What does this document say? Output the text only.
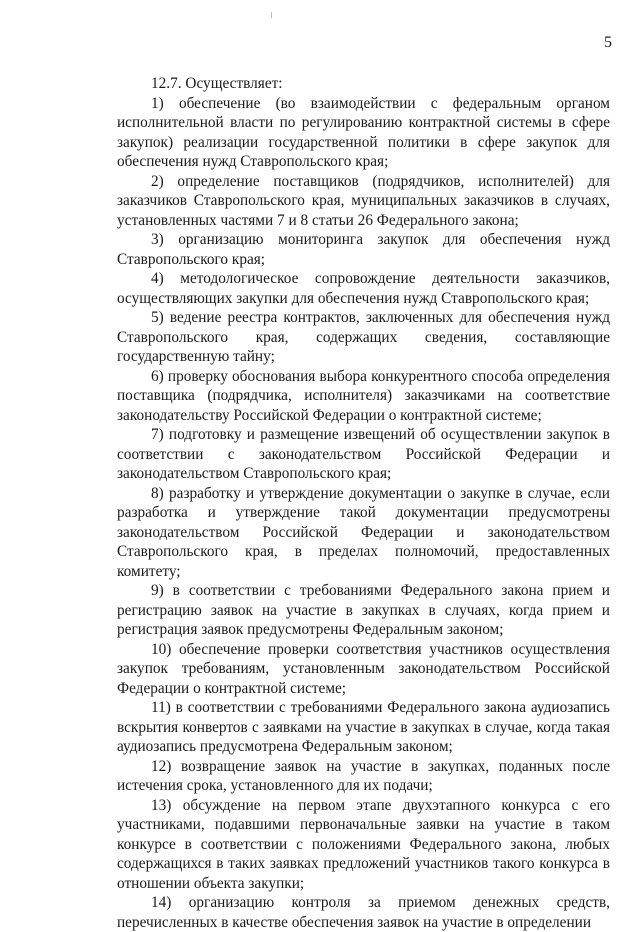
5

12.7. Осуществляет:

1) обеспечение (во взаимодействии с федеральным органом исполнительной власти по регулированию контрактной системы в сфере закупок) реализации государственной политики в сфере закупок для обеспечения нужд Ставропольского края;

2) определение поставщиков (подрядчиков, исполнителей) для заказчиков Ставропольского края, муниципальных заказчиков в случаях, установленных частями 7 и 8 статьи 26 Федерального закона;

3) организацию мониторинга закупок для обеспечения нужд Ставропольского края;

4) методологическое сопровождение деятельности заказчиков, осуществляющих закупки для обеспечения нужд Ставропольского края;

5) ведение реестра контрактов, заключенных для обеспечения нужд Ставропольского края, содержащих сведения, составляющие государственную тайну;

6) проверку обоснования выбора конкурентного способа определения поставщика (подрядчика, исполнителя) заказчиками на соответствие законодательству Российской Федерации о контрактной системе;

7) подготовку и размещение извещений об осуществлении закупок в соответствии с законодательством Российской Федерации и законодательством Ставропольского края;

8) разработку и утверждение документации о закупке в случае, если разработка и утверждение такой документации предусмотрены законодательством Российской Федерации и законодательством Ставропольского края, в пределах полномочий, предоставленных комитету;

9) в соответствии с требованиями Федерального закона прием и регистрацию заявок на участие в закупках в случаях, когда прием и регистрация заявок предусмотрены Федеральным законом;

10) обеспечение проверки соответствия участников осуществления закупок требованиям, установленным законодательством Российской Федерации о контрактной системе;

11) в соответствии с требованиями Федерального закона аудиозапись вскрытия конвертов с заявками на участие в закупках в случае, когда такая аудиозапись предусмотрена Федеральным законом;

12) возвращение заявок на участие в закупках, поданных после истечения срока, установленного для их подачи;

13) обсуждение на первом этапе двухэтапного конкурса с его участниками, подавшими первоначальные заявки на участие в таком конкурсе в соответствии с положениями Федерального закона, любых содержащихся в таких заявках предложений участников такого конкурса в отношении объекта закупки;

14) организацию контроля за приемом денежных средств, перечисленных в качестве обеспечения заявок на участие в определении
